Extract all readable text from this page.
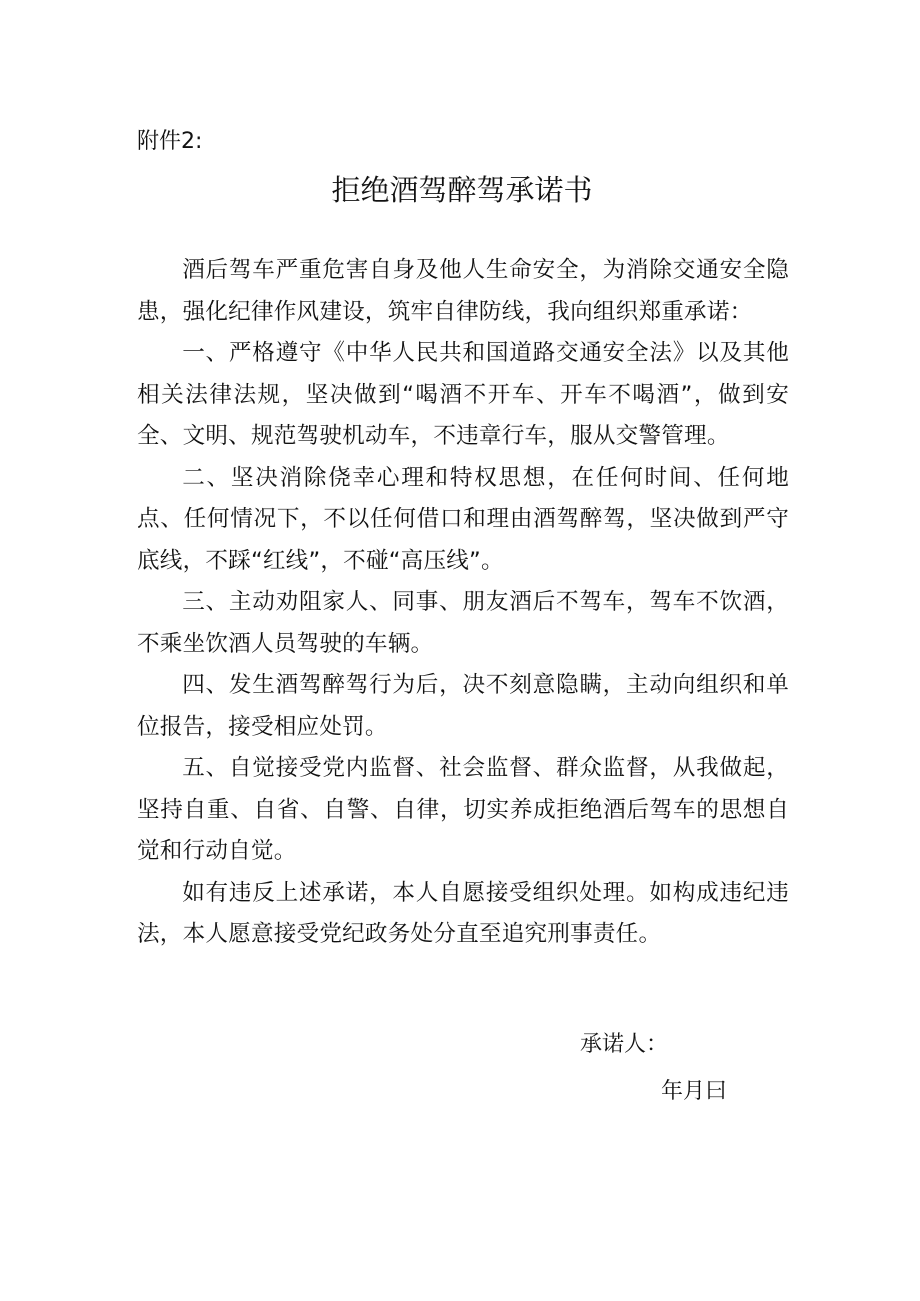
附件2:
拒绝酒驾醉驾承诺书

酒后驾车严重危害自身及他人生命安全，为消除交通安全隐患，强化纪律作风建设，筑牢自律防线，我向组织郑重承诺：

一、严格遵守《中华人民共和国道路交通安全法》以及其他相关法律法规，坚决做到“喝酒不开车、开车不喝酒”，做到安全、文明、规范驾驶机动车，不违章行车，服从交警管理。

二、坚决消除侥幸心理和特权思想，在任何时间、任何地点、任何情况下，不以任何借口和理由酒驾醉驾，坚决做到严守底线，不踩“红线”，不碰“高压线”。

三、主动劝阻家人、同事、朋友酒后不驾车，驾车不饮酒，不乘坐饮酒人员驾驶的车辆。

四、发生酒驾醉驾行为后，决不刻意隐瞒，主动向组织和单位报告，接受相应处罚。

五、自觉接受党内监督、社会监督、群众监督，从我做起，坚持自重、自省、自警、自律，切实养成拒绝酒后驾车的思想自觉和行动自觉。

如有违反上述承诺，本人自愿接受组织处理。如构成违纪违法，本人愿意接受党纪政务处分直至追究刑事责任。

承诺人：
年月曰
